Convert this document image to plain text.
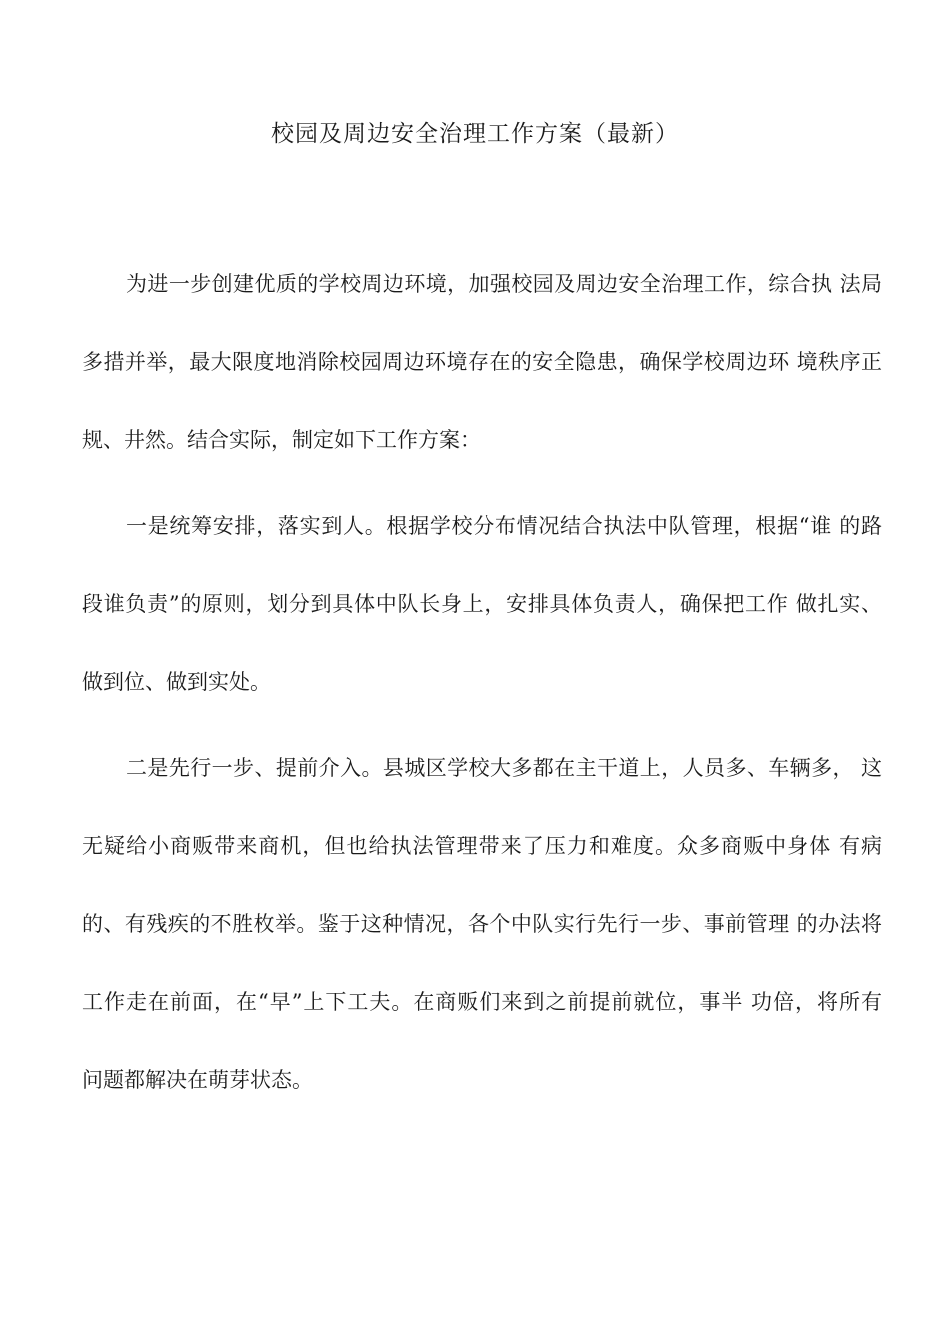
校园及周边安全治理工作方案（最新）
为进一步创建优质的学校周边环境，加强校园及周边安全治理工作，综合执 法局
多措并举，最大限度地消除校园周边环境存在的安全隐患，确保学校周边环 境秩序正
规、井然。结合实际，制定如下工作方案：
一是统筹安排，落实到人。根据学校分布情况结合执法中队管理，根据“谁 的路
段谁负责”的原则，划分到具体中队长身上，安排具体负责人，确保把工作 做扎实、
做到位、做到实处。
二是先行一步、提前介入。县城区学校大多都在主干道上，人员多、车辆多， 这
无疑给小商贩带来商机，但也给执法管理带来了压力和难度。众多商贩中身体 有病
的、有残疾的不胜枚举。鉴于这种情况，各个中队实行先行一步、事前管理 的办法将
工作走在前面，在“早”上下工夫。在商贩们来到之前提前就位，事半 功倍，将所有
问题都解决在萌芽状态。
